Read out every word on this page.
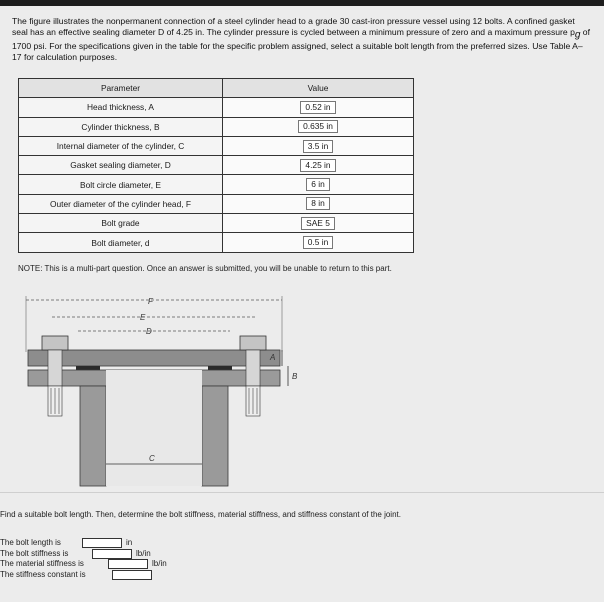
The figure illustrates the nonpermanent connection of a steel cylinder head to a grade 30 cast-iron pressure vessel using 12 bolts. A confined gasket seal has an effective sealing diameter D of 4.25 in. The cylinder pressure is cycled between a minimum pressure of zero and a maximum pressure $p_g$ of 1700 psi. For the specifications given in the table for the specific problem assigned, select a suitable bolt length from the preferred sizes. Use Table A–17 for calculation purposes.
Parameter	Value
Head thickness, A	0.52 in
Cylinder thickness, B	0.635 in
Internal diameter of the cylinder, C	3.5 in
Gasket sealing diameter, D	4.25 in
Bolt circle diameter, E	6 in
Outer diameter of the cylinder head, F	8 in
Bolt grade	SAE 5
Bolt diameter, d	0.5 in
NOTE: This is a multi-part question. Once an answer is submitted, you will be unable to return to this part.
F
E
D
A
B
C
Find a suitable bolt length. Then, determine the bolt stiffness, material stiffness, and stiffness constant of the joint.
The bolt length is	in
The bolt stiffness is	lb/in
The material stiffness is	lb/in
The stiffness constant is
